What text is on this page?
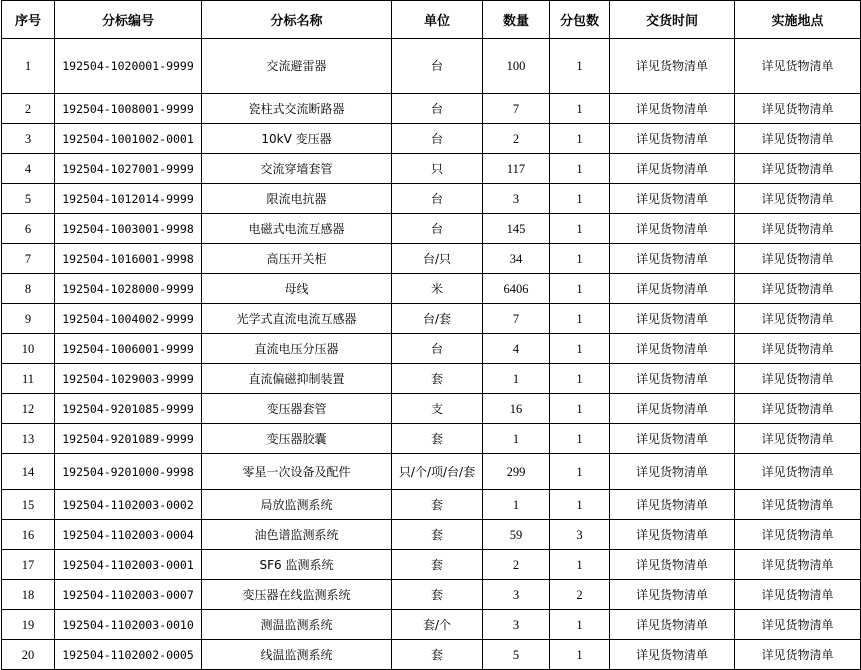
序号	分标编号	分标名称	单位	数量	分包数	交货时间	实施地点
1	192504-1020001-9999	交流避雷器	台	100	1	详见货物清单	详见货物清单
2	192504-1008001-9999	瓷柱式交流断路器	台	7	1	详见货物清单	详见货物清单
3	192504-1001002-0001	10kV 变压器	台	2	1	详见货物清单	详见货物清单
4	192504-1027001-9999	交流穿墙套管	只	117	1	详见货物清单	详见货物清单
5	192504-1012014-9999	限流电抗器	台	3	1	详见货物清单	详见货物清单
6	192504-1003001-9998	电磁式电流互感器	台	145	1	详见货物清单	详见货物清单
7	192504-1016001-9998	高压开关柜	台/只	34	1	详见货物清单	详见货物清单
8	192504-1028000-9999	母线	米	6406	1	详见货物清单	详见货物清单
9	192504-1004002-9999	光学式直流电流互感器	台/套	7	1	详见货物清单	详见货物清单
10	192504-1006001-9999	直流电压分压器	台	4	1	详见货物清单	详见货物清单
11	192504-1029003-9999	直流偏磁抑制装置	套	1	1	详见货物清单	详见货物清单
12	192504-9201085-9999	变压器套管	支	16	1	详见货物清单	详见货物清单
13	192504-9201089-9999	变压器胶囊	套	1	1	详见货物清单	详见货物清单
14	192504-9201000-9998	零星一次设备及配件	只/个/项/台/套	299	1	详见货物清单	详见货物清单
15	192504-1102003-0002	局放监测系统	套	1	1	详见货物清单	详见货物清单
16	192504-1102003-0004	油色谱监测系统	套	59	3	详见货物清单	详见货物清单
17	192504-1102003-0001	SF6 监测系统	套	2	1	详见货物清单	详见货物清单
18	192504-1102003-0007	变压器在线监测系统	套	3	2	详见货物清单	详见货物清单
19	192504-1102003-0010	测温监测系统	套/个	3	1	详见货物清单	详见货物清单
20	192504-1102002-0005	线温监测系统	套	5	1	详见货物清单	详见货物清单
